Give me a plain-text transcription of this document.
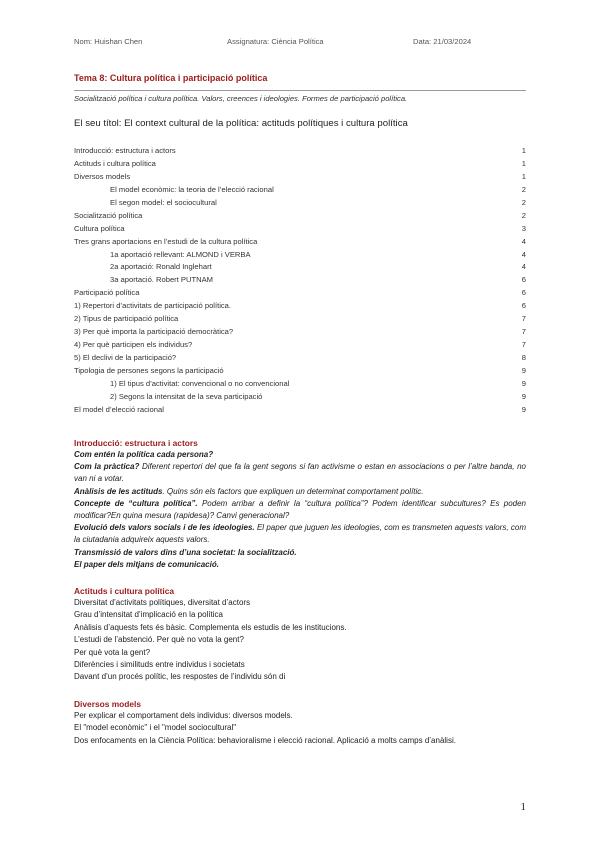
Nom: Huishan Chen	Assignatura: Ciència Política	Data: 21/03/2024
Tema 8: Cultura política i participació política
Socialització política i cultura política. Valors, creences i ideologies. Formes de participació política.
El seu títol: El context cultural de la política: actituds polítiques i cultura política
Introducció: estructura i actors	1
Actituds i cultura política	1
Diversos models	1
El model econòmic: la teoria de l’elecció racional	2
El segon model: el sociocultural	2
Socialització política	2
Cultura política	3
Tres grans aportacions en l’estudi de la cultura política	4
1a aportació rellevant: ALMOND i VERBA	4
2a aportació: Ronald Inglehart	4
3a aportació. Robert PUTNAM	6
Participació política	6
1) Repertori d’activitats de participació política.	6
2) Tipus de participació política	7
3) Per què importa la participació democràtica?	7
4) Per què participen els individus?	7
5) El declivi de la participació?	8
Tipologia de persones segons la participació	9
1) El tipus d’activitat: convencional o no convencional	9
2) Segons la intensitat de la seva participació	9
El model d’elecció racional	9

Introducció: estructura i actors

Com entén la política cada persona?

Com la pràctica? Diferent repertori del que fa la gent segons si fan activisme o estan en associacions o per l’altre banda, no van ni a votar.

Anàlisis de les actituds. Quins són els factors que expliquen un determinat comportament polític.

Concepte de “cultura política”. Podem arribar a definir la “cultura política”? Podem identificar subcultures? Es poden modificar?En quina mesura (rapidesa)? Canvi generacional?

Evolució dels valors socials i de les ideologies. El paper que juguen les ideologies, com es transmeten aquests valors, com la ciutadania adquireix aquests valors.

Transmissió de valors dins d’una societat: la socialització.

El paper dels mitjans de comunicació.

Actituds i cultura política

Diversitat d’activitats polítiques, diversitat d’actors

Grau d’intensitat d’implicació en la política

Anàlisis d’aquests fets és bàsic. Complementa els estudis de les institucions.

L’estudi de l’abstenció. Per què no vota la gent?

Per què vota la gent?

Diferències i similituds entre individus i societats

Davant d’un procés polític, les respostes de l’individu són di

Diversos models

Per explicar el comportament dels individus: diversos models.

El "model econòmic" i el "model sociocultural"

Dos enfocaments en la Ciència Política: behavioralisme i elecció racional. Aplicació a molts camps d’anàlisi.

1
